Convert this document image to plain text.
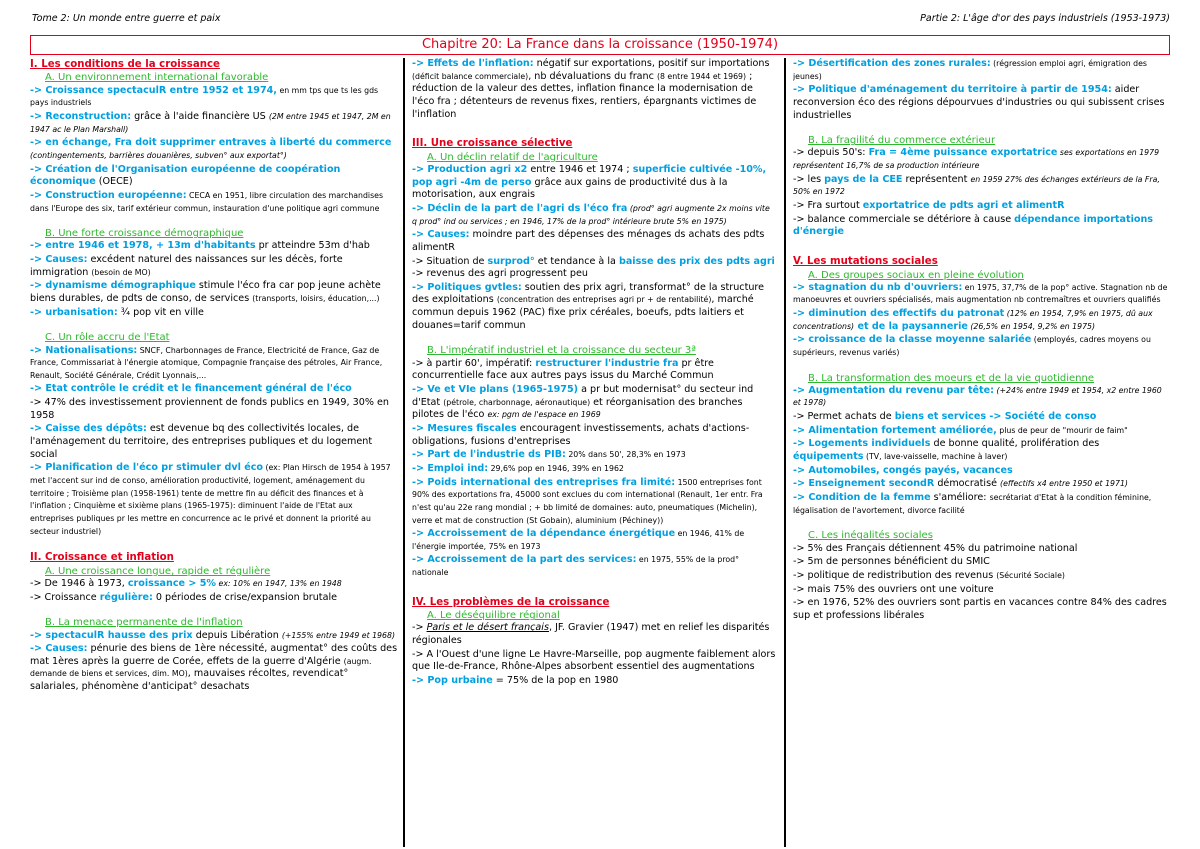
Tome 2: Un monde entre guerre et paix	Partie 2: L'âge d'or des pays industriels (1953-1973)
Chapitre 20: La France dans la croissance (1950-1974)
I. Les conditions de la croissance
A. Un environnement international favorable

-> Croissance spectaculR entre 1952 et 1974, en mm tps que ts les gds pays industriels

-> Reconstruction: grâce à l'aide financière US (2M entre 1945 et 1947, 2M en 1947 ac le Plan Marshall)

-> en échange, Fra doit supprimer entraves à liberté du commerce (contingentements, barrières douanières, subven° aux exportat°)

-> Création de l'Organisation européenne de coopération économique (OECE)

-> Construction européenne: CECA en 1951, libre circulation des marchandises dans l'Europe des six, tarif extérieur commun, instauration d'une politique agri commune

B. Une forte croissance démographique

-> entre 1946 et 1978, + 13m d'habitants pr atteindre 53m d'hab

-> Causes: excédent naturel des naissances sur les décès, forte immigration (besoin de MO)

-> dynamisme démographique stimule l'éco fra car pop jeune achète biens durables, de pdts de conso, de services (transports, loisirs, éducation,...)

-> urbanisation: ¾ pop vit en ville

C. Un rôle accru de l'Etat

-> Nationalisations: SNCF, Charbonnages de France, Electricité de France, Gaz de France, Commissariat à l'énergie atomique, Compagnie française des pétroles, Air France, Renault, Société Générale, Crédit Lyonnais,...

-> Etat contrôle le crédit et le financement général de l'éco

-> 47% des investissement proviennent de fonds publics en 1949, 30% en 1958

-> Caisse des dépôts: est devenue bq des collectivités locales, de l'aménagement du territoire, des entreprises publiques et du logement social

-> Planification de l'éco pr stimuler dvl éco (ex: Plan Hirsch de 1954 à 1957 met l'accent sur ind de conso, amélioration productivité, logement, aménagement du territoire ; Troisième plan (1958-1961) tente de mettre fin au déficit des finances et à l'inflation ; Cinquième et sixième plans (1965-1975): diminuent l'aide de l'Etat aux entreprises publiques pr les mettre en concurrence ac le privé et donnent la priorité au secteur industriel)

II. Croissance et inflation
A. Une croissance longue, rapide et régulière

-> De 1946 à 1973, croissance > 5% ex: 10% en 1947, 13% en 1948

-> Croissance régulière: 0 périodes de crise/expansion brutale

B. La menace permanente de l'inflation

-> spectaculR hausse des prix depuis Libération (+155% entre 1949 et 1968)

-> Causes: pénurie des biens de 1ère nécessité, augmentat° des coûts des mat 1ères après la guerre de Corée, effets de la guerre d'Algérie (augm. demande de biens et services, dim. MO), mauvaises récoltes, revendicat° salariales, phénomène d'anticipat° desachats

-> Effets de l'inflation: négatif sur exportations, positif sur importations (déficit balance commerciale), nb dévaluations du franc (8 entre 1944 et 1969) ; réduction de la valeur des dettes, inflation finance la modernisation de l'éco fra ; détenteurs de revenus fixes, rentiers, épargnants victimes de l'inflation

III. Une croissance sélective
A. Un déclin relatif de l'agriculture

-> Production agri x2 entre 1946 et 1974 ; superficie cultivée -10%, pop agri -4m de perso grâce aux gains de productivité dus à la motorisation, aux engrais

-> Déclin de la part de l'agri ds l'éco fra (prod° agri augmente 2x moins vite q prod° ind ou services ; en 1946, 17% de la prod° intérieure brute 5% en 1975)

-> Causes: moindre part des dépenses des ménages ds achats des pdts alimentR

-> Situation de surprod° et tendance à la baisse des prix des pdts agri -> revenus des agri progressent peu

-> Politiques gvtles: soutien des prix agri, transformat° de la structure des exploitations (concentration des entreprises agri pr + de rentabilité), marché commun depuis 1962 (PAC) fixe prix céréales, boeufs, pdts laitiers et douanes=tarif commun

B. L'impératif industriel et la croissance du secteur 3ª

-> à partir 60', impératif: restructurer l'industrie fra pr être concurrentielle face aux autres pays issus du Marché Commun

-> Ve et VIe plans (1965-1975) a pr but modernisat° du secteur ind d'Etat (pétrole, charbonnage, aéronautique) et réorganisation des branches pilotes de l'éco ex: pgm de l'espace en 1969

-> Mesures fiscales encouragent investissements, achats d'actions-obligations, fusions d'entreprises

-> Part de l'industrie ds PIB: 20% dans 50', 28,3% en 1973

-> Emploi ind: 29,6% pop en 1946, 39% en 1962

-> Poids international des entreprises fra limité: 1500 entreprises font 90% des exportations fra, 45000 sont exclues du com international (Renault, 1er entr. Fra n'est qu'au 22e rang mondial ; + bb limité de domaines: auto, pneumatiques (Michelin), verre et mat de construction (St Gobain), aluminium (Péchiney))

-> Accroissement de la dépendance énergétique en 1946, 41% de l'énergie importée, 75% en 1973

-> Accroissement de la part des services: en 1975, 55% de la prod° nationale

IV. Les problèmes de la croissance
A. Le déséquilibre régional

-> Paris et le désert français, JF. Gravier (1947) met en relief les disparités régionales

-> A l'Ouest d'une ligne Le Havre-Marseille, pop augmente faiblement alors que Ile-de-France, Rhône-Alpes absorbent essentiel des augmentations

-> Pop urbaine = 75% de la pop en 1980

-> Désertification des zones rurales: (régression emploi agri, émigration des jeunes)

-> Politique d'aménagement du territoire à partir de 1954: aider reconversion éco des régions dépourvues d'industries ou qui subissent crises industrielles

B. La fragilité du commerce extérieur

-> depuis 50's: Fra = 4ème puissance exportatrice ses exportations en 1979 représentent 16,7% de sa production intérieure

-> les pays de la CEE représentent en 1959 27% des échanges extérieurs de la Fra, 50% en 1972

-> Fra surtout exportatrice de pdts agri et alimentR

-> balance commerciale se détériore à cause dépendance importations d'énergie

V. Les mutations sociales
A. Des groupes sociaux en pleine évolution

-> stagnation du nb d'ouvriers: en 1975, 37,7% de la pop° active. Stagnation nb de manoeuvres et ouvriers spécialisés, mais augmentation nb contremaîtres et ouvriers qualifiés

-> diminution des effectifs du patronat (12% en 1954, 7,9% en 1975, dû aux concentrations) et de la paysannerie (26,5% en 1954, 9,2% en 1975)

-> croissance de la classe moyenne salariée (employés, cadres moyens ou supérieurs, revenus variés)

B. La transformation des moeurs et de la vie quotidienne

-> Augmentation du revenu par tête: (+24% entre 1949 et 1954, x2 entre 1960 et 1978)

-> Permet achats de biens et services -> Société de conso

-> Alimentation fortement améliorée, plus de peur de "mourir de faim"

-> Logements individuels de bonne qualité, prolifération des équipements (TV, lave-vaisselle, machine à laver)

-> Automobiles, congés payés, vacances

-> Enseignement secondR démocratisé (effectifs x4 entre 1950 et 1971)

-> Condition de la femme s'améliore: secrétariat d'Etat à la condition féminine, légalisation de l'avortement, divorce facilité

C. Les inégalités sociales

-> 5% des Français détiennent 45% du patrimoine national

-> 5m de personnes bénéficient du SMIC

-> politique de redistribution des revenus (Sécurité Sociale)

-> mais 75% des ouvriers ont une voiture

-> en 1976, 52% des ouvriers sont partis en vacances contre 84% des cadres sup et professions libérales
